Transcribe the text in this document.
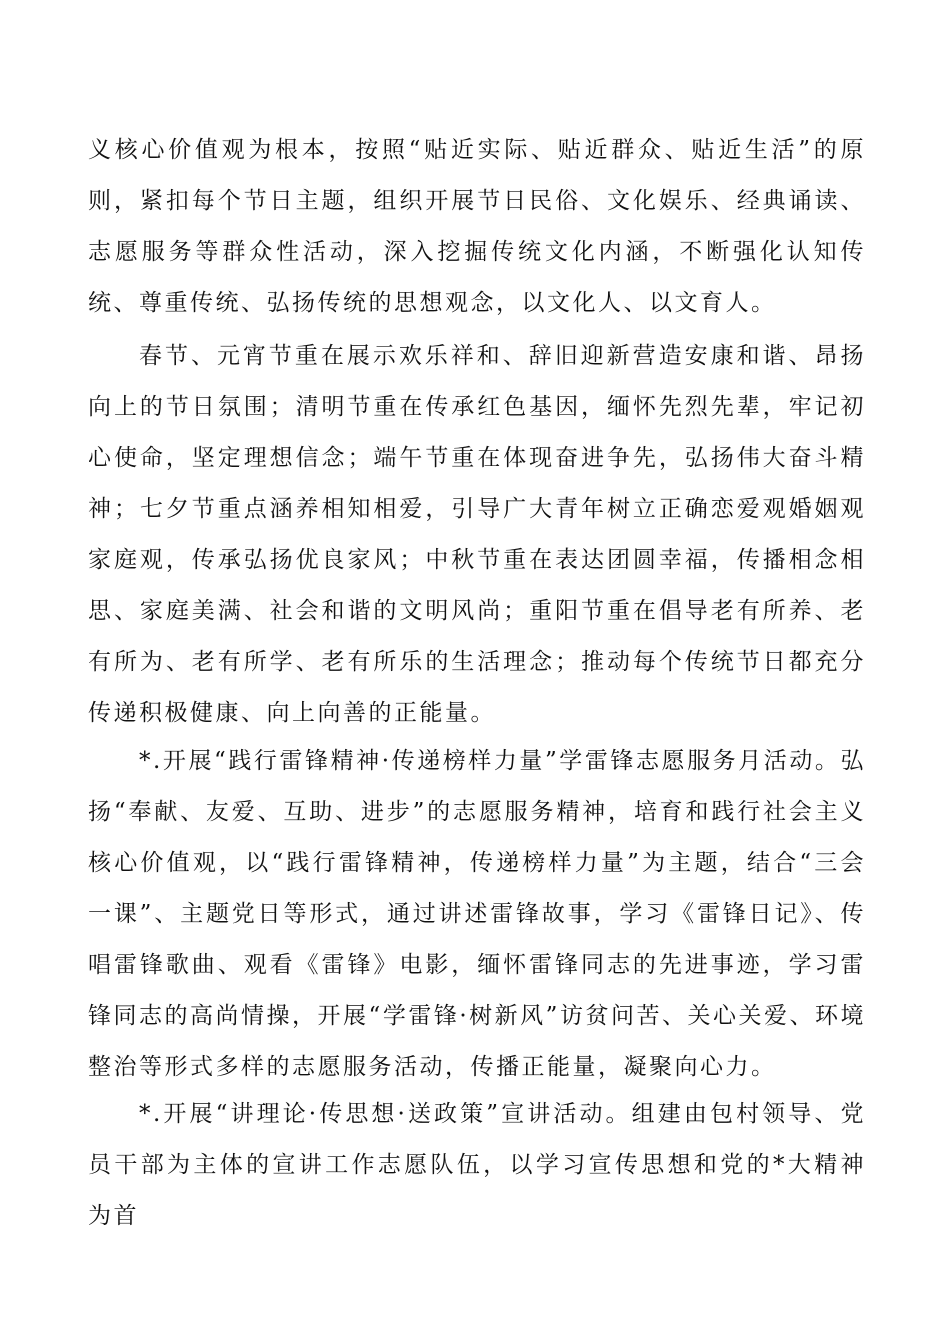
义核心价值观为根本，按照“贴近实际、贴近群众、贴近生活”的原则，紧扣每个节日主题，组织开展节日民俗、文化娱乐、经典诵读、志愿服务等群众性活动，深入挖掘传统文化内涵，不断强化认知传统、尊重传统、弘扬传统的思想观念，以文化人、以文育人。

春节、元宵节重在展示欢乐祥和、辞旧迎新营造安康和谐、昂扬向上的节日氛围；清明节重在传承红色基因，缅怀先烈先辈，牢记初心使命，坚定理想信念；端午节重在体现奋进争先，弘扬伟大奋斗精神；七夕节重点涵养相知相爱，引导广大青年树立正确恋爱观婚姻观家庭观，传承弘扬优良家风；中秋节重在表达团圆幸福，传播相念相思、家庭美满、社会和谐的文明风尚；重阳节重在倡导老有所养、老有所为、老有所学、老有所乐的生活理念；推动每个传统节日都充分传递积极健康、向上向善的正能量。

*.开展“践行雷锋精神·传递榜样力量”学雷锋志愿服务月活动。弘扬“奉献、友爱、互助、进步”的志愿服务精神，培育和践行社会主义核心价值观，以“践行雷锋精神，传递榜样力量”为主题，结合“三会一课”、主题党日等形式，通过讲述雷锋故事，学习《雷锋日记》、传唱雷锋歌曲、观看《雷锋》电影，缅怀雷锋同志的先进事迹，学习雷锋同志的高尚情操，开展“学雷锋·树新风”访贫问苦、关心关爱、环境整治等形式多样的志愿服务活动，传播正能量，凝聚向心力。

*.开展“讲理论·传思想·送政策”宣讲活动。组建由包村领导、党员干部为主体的宣讲工作志愿队伍，以学习宣传思想和党的*大精神为首
